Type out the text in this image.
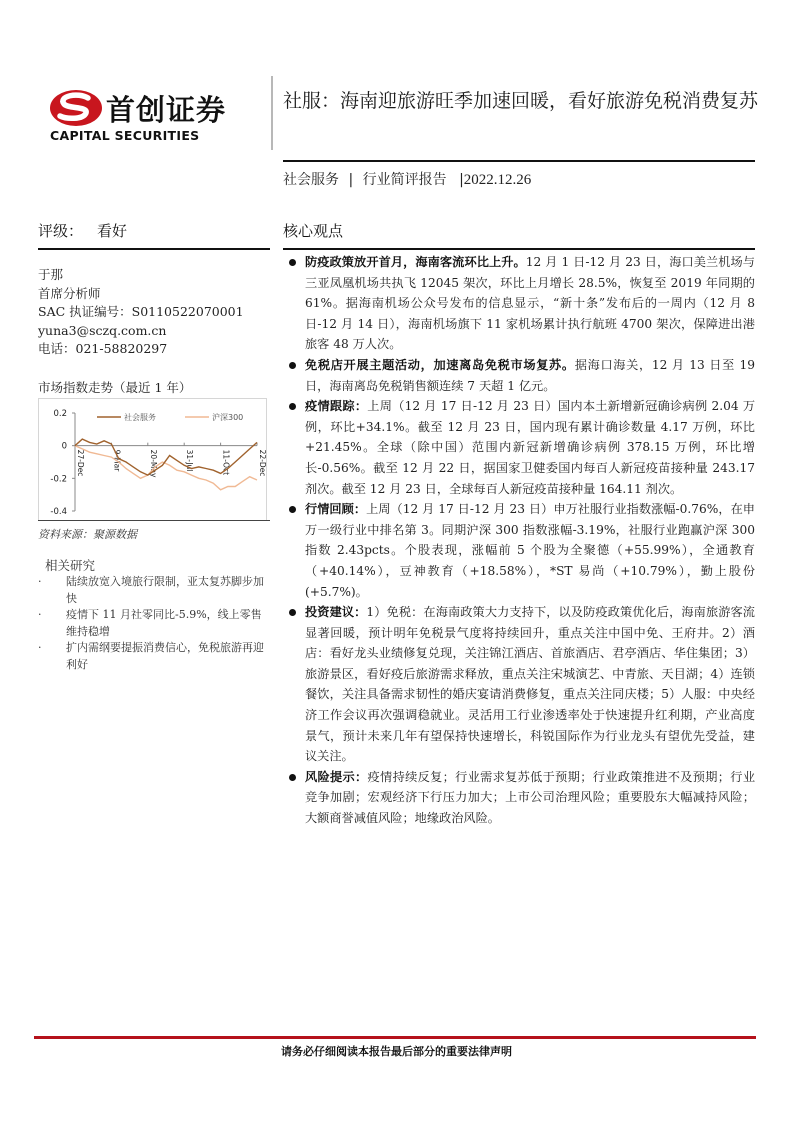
首创证券
CAPITAL SECURITIES
社服：海南迎旅游旺季加速回暖，看好旅游免税消费复苏
社会服务 | 行业简评报告 |2022.12.26
评级： 看好
于那
首席分析师
SAC 执证编号：S0110522070001
yuna3@sczq.com.cn
电话：021-58820297
市场指数走势（最近 1 年）
0.2
0
-0.2
-0.4
27-Dec	9-Mar	20-May	31-Jul	11-Oct	22-Dec
社会服务	沪深300
资料来源：聚源数据
相关研究
· 陆续放宽入境旅行限制，亚太复苏脚步加快
· 疫情下 11 月社零同比-5.9%，线上零售维持稳增
· 扩内需纲要提振消费信心，免税旅游再迎利好
核心观点
防疫政策放开首月，海南客流环比上升。12 月 1 日-12 月 23 日，海口美兰机场与三亚凤凰机场共执飞 12045 架次，环比上月增长 28.5%，恢复至 2019 年同期的 61%。据海南机场公众号发布的信息显示，“新十条”发布后的一周内（12 月 8 日-12 月 14 日），海南机场旗下 11 家机场累计执行航班 4700 架次，保障进出港旅客 48 万人次。
免税店开展主题活动，加速离岛免税市场复苏。据海口海关，12 月 13 日至 19 日，海南离岛免税销售额连续 7 天超 1 亿元。
疫情跟踪：上周（12 月 17 日-12 月 23 日）国内本土新增新冠确诊病例 2.04 万例，环比+34.1%。截至 12 月 23 日，国内现有累计确诊数量 4.17 万例，环比+21.45%。全球（除中国）范围内新冠新增确诊病例 378.15 万例，环比增长-0.56%。截至 12 月 22 日，据国家卫健委国内每百人新冠疫苗接种量 243.17 剂次。截至 12 月 23 日，全球每百人新冠疫苗接种量 164.11 剂次。
行情回顾：上周（12 月 17 日-12 月 23 日）申万社服行业指数涨幅-0.76%，在申万一级行业中排名第 3。同期沪深 300 指数涨幅-3.19%，社服行业跑赢沪深 300 指数 2.43pcts。个股表现，涨幅前 5 个股为全聚德（+55.99%），全通教育（+40.14%），豆神教育（+18.58%），*ST 易尚（+10.79%），勤上股份(+5.7%)。
投资建议：1）免税：在海南政策大力支持下，以及防疫政策优化后，海南旅游客流显著回暖，预计明年免税景气度将持续回升，重点关注中国中免、王府井。2）酒店：看好龙头业绩修复兑现，关注锦江酒店、首旅酒店、君亭酒店、华住集团；3）旅游景区，看好疫后旅游需求释放，重点关注宋城演艺、中青旅、天目湖；4）连锁餐饮，关注具备需求韧性的婚庆宴请消费修复，重点关注同庆楼；5）人服：中央经济工作会议再次强调稳就业。灵活用工行业渗透率处于快速提升红利期，产业高度景气，预计未来几年有望保持快速增长，科锐国际作为行业龙头有望优先受益，建议关注。
风险提示：疫情持续反复；行业需求复苏低于预期；行业政策推进不及预期；行业竞争加剧；宏观经济下行压力加大；上市公司治理风险；重要股东大幅减持风险；大额商誉减值风险；地缘政治风险。
请务必仔细阅读本报告最后部分的重要法律声明
